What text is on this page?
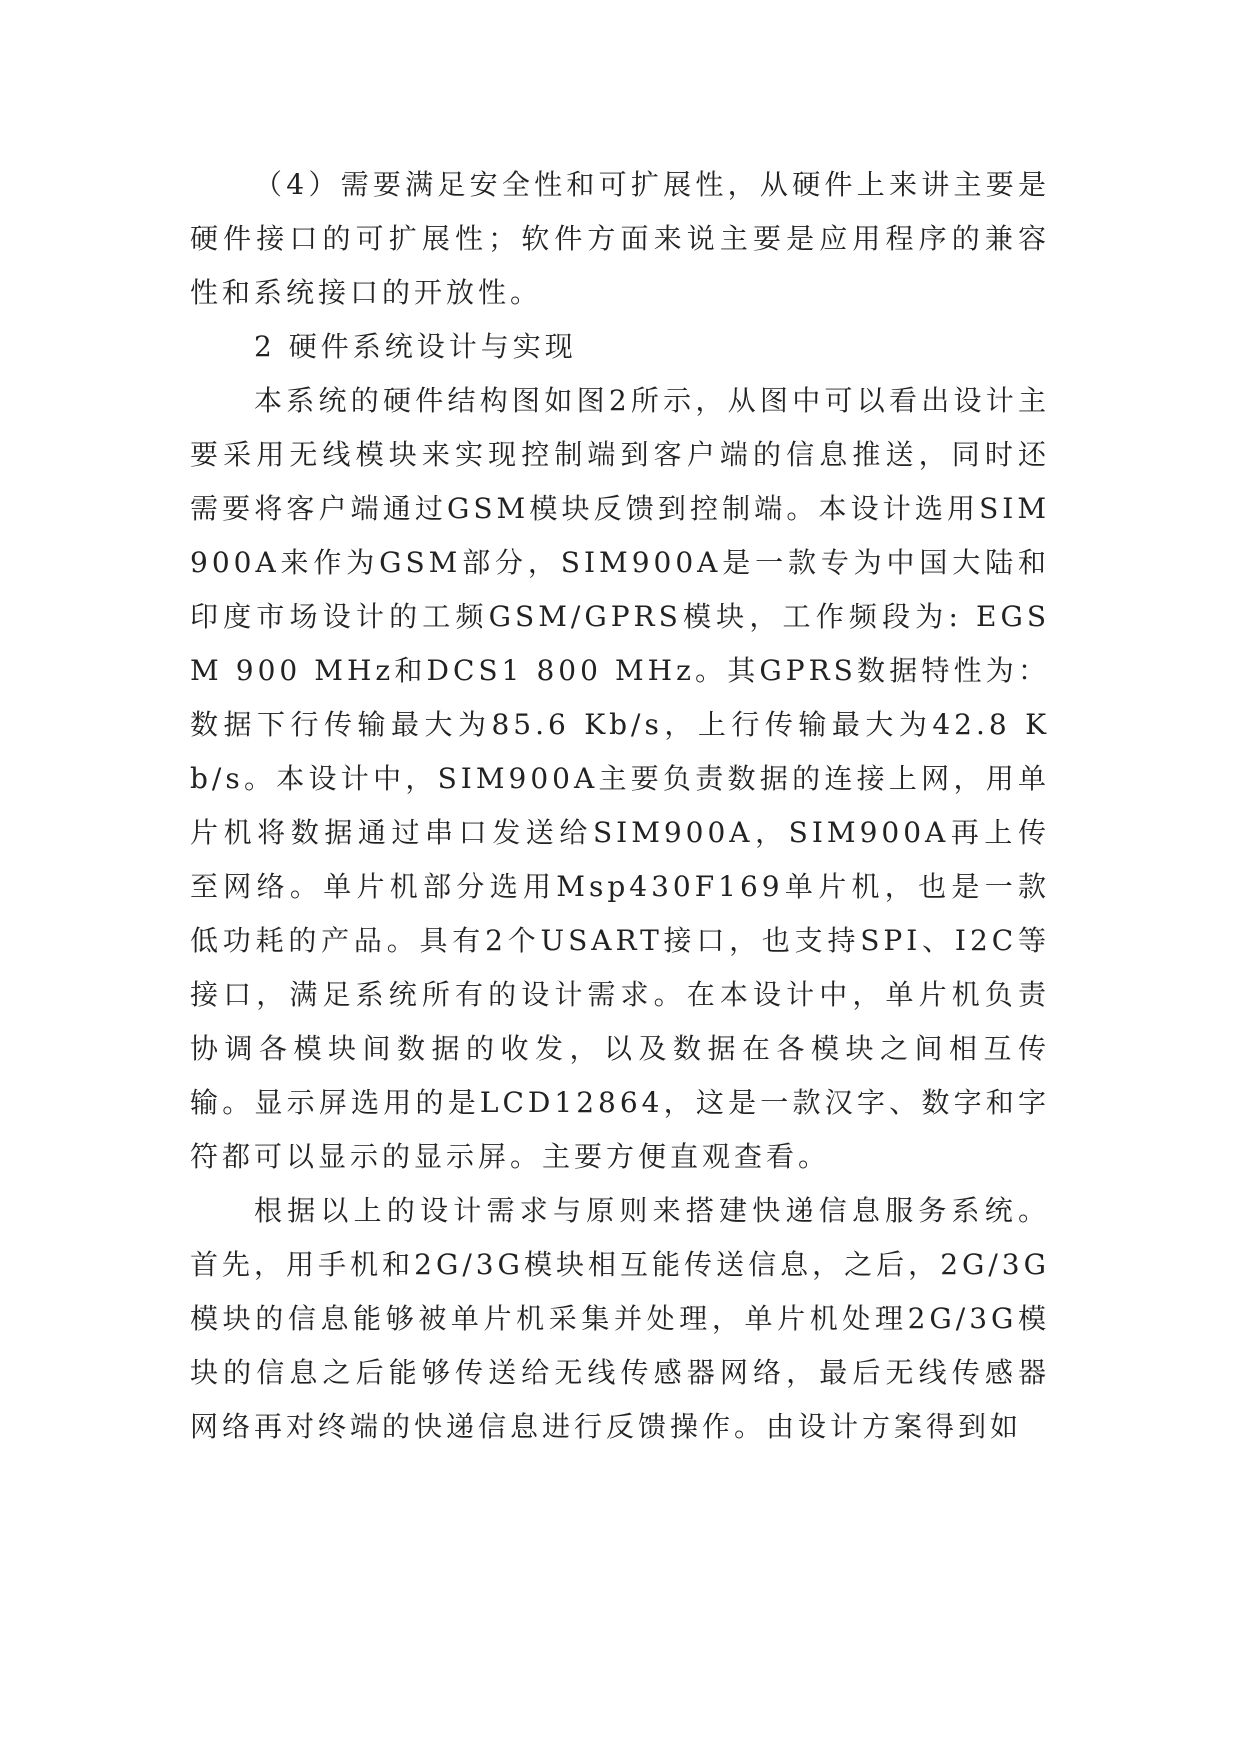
（4）需要满足安全性和可扩展性，从硬件上来讲主要是硬件接口的可扩展性；软件方面来说主要是应用程序的兼容性和系统接口的开放性。

2 硬件系统设计与实现

本系统的硬件结构图如图2所示，从图中可以看出设计主要采用无线模块来实现控制端到客户端的信息推送，同时还需要将客户端通过GSM模块反馈到控制端。本设计选用SIM900A来作为GSM部分，SIM900A是一款专为中国大陆和印度市场设计的工频GSM/GPRS模块，工作频段为: EGSM 900 MHz和DCS1 800 MHz。其GPRS数据特性为：数据下行传输最大为85.6 Kb/s，上行传输最大为42.8 Kb/s。本设计中，SIM900A主要负责数据的连接上网，用单片机将数据通过串口发送给SIM900A，SIM900A再上传至网络。单片机部分选用Msp430F169单片机，也是一款低功耗的产品。具有2个USART接口，也支持SPI、I2C等接口，满足系统所有的设计需求。在本设计中，单片机负责协调各模块间数据的收发，以及数据在各模块之间相互传输。显示屏选用的是LCD12864，这是一款汉字、数字和字符都可以显示的显示屏。主要方便直观查看。

根据以上的设计需求与原则来搭建快递信息服务系统。首先，用手机和2G/3G模块相互能传送信息，之后，2G/3G模块的信息能够被单片机采集并处理，单片机处理2G/3G模块的信息之后能够传送给无线传感器网络，最后无线传感器网络再对终端的快递信息进行反馈操作。由设计方案得到如
